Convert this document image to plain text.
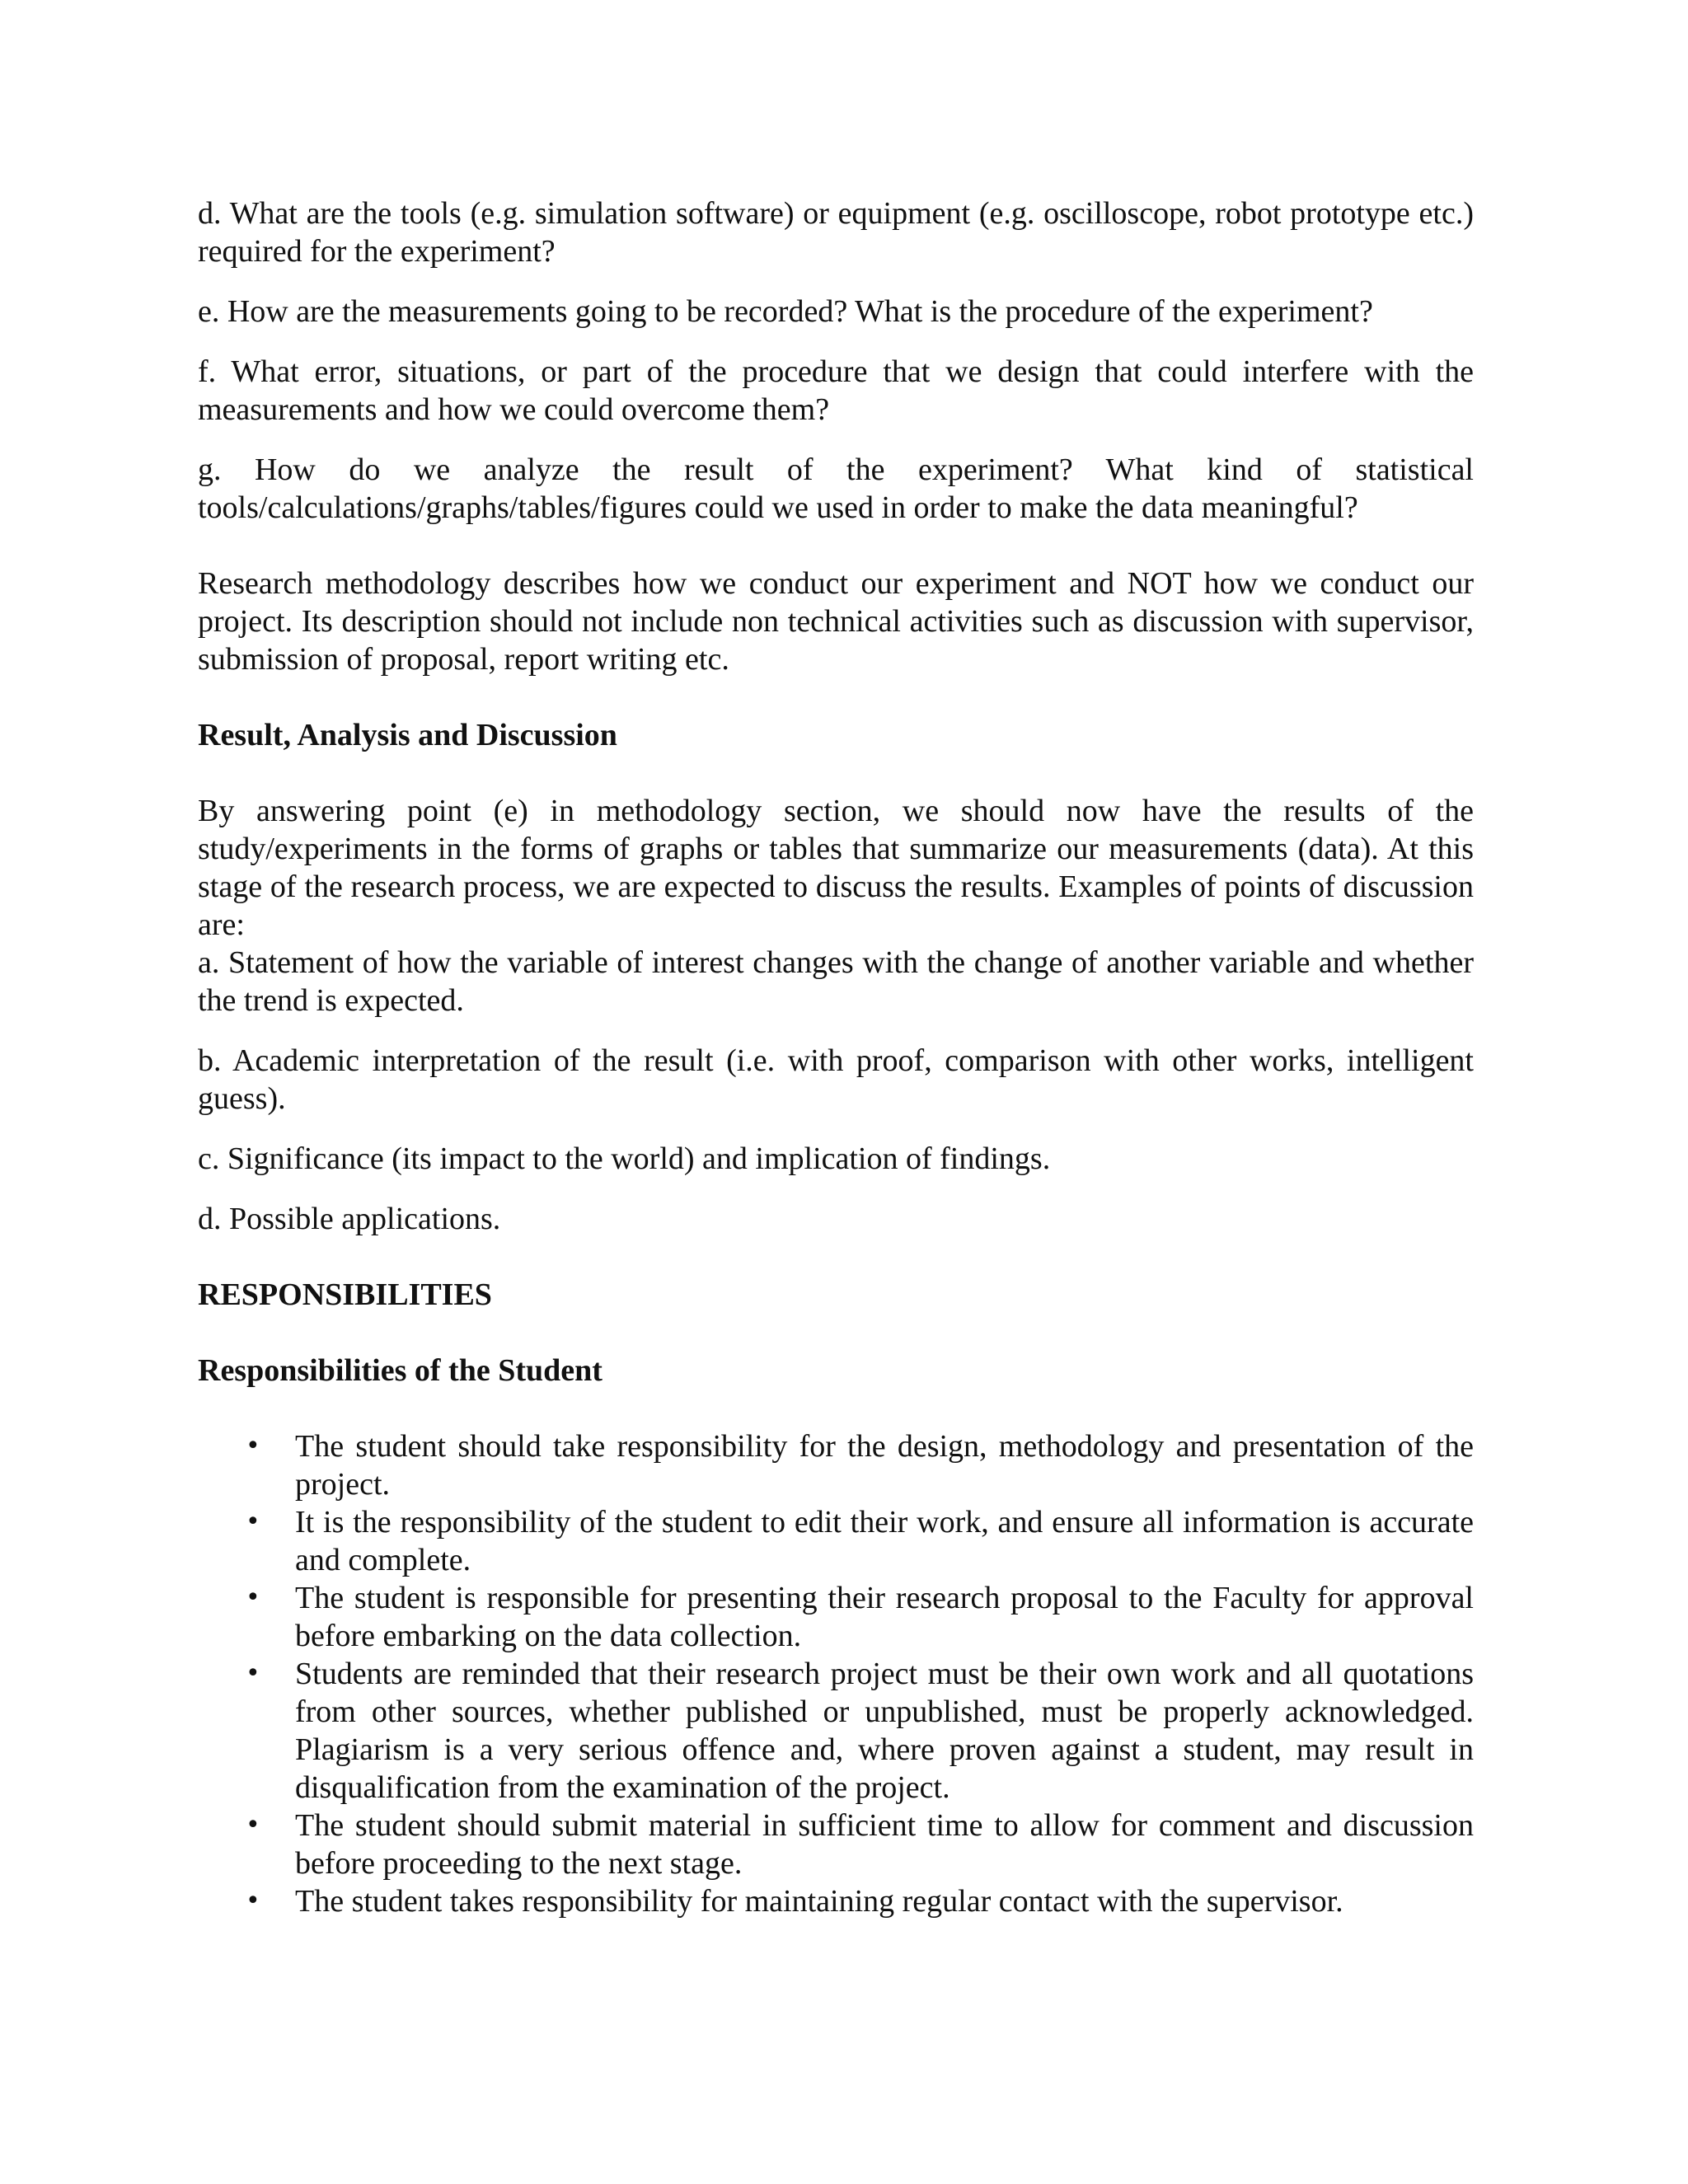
d. What are the tools (e.g. simulation software) or equipment (e.g. oscilloscope, robot prototype etc.) required for the experiment?

e. How are the measurements going to be recorded? What is the procedure of the experiment?

f. What error, situations, or part of the procedure that we design that could interfere with the measurements and how we could overcome them?

g. How do we analyze the result of the experiment? What kind of statistical tools/calculations/graphs/tables/figures could we used in order to make the data meaningful?

Research methodology describes how we conduct our experiment and NOT how we conduct our project. Its description should not include non technical activities such as discussion with supervisor, submission of proposal, report writing etc.

Result, Analysis and Discussion

By answering point (e) in methodology section, we should now have the results of the study/experiments in the forms of graphs or tables that summarize our measurements (data). At this stage of the research process, we are expected to discuss the results. Examples of points of discussion are:

a. Statement of how the variable of interest changes with the change of another variable and whether the trend is expected.

b. Academic interpretation of the result (i.e. with proof, comparison with other works, intelligent guess).

c. Significance (its impact to the world) and implication of findings.

d. Possible applications.

RESPONSIBILITIES

Responsibilities of the Student

• The student should take responsibility for the design, methodology and presentation of the project.
• It is the responsibility of the student to edit their work, and ensure all information is accurate and complete.
• The student is responsible for presenting their research proposal to the Faculty for approval before embarking on the data collection.
• Students are reminded that their research project must be their own work and all quotations from other sources, whether published or unpublished, must be properly acknowledged. Plagiarism is a very serious offence and, where proven against a student, may result in disqualification from the examination of the project.
• The student should submit material in sufficient time to allow for comment and discussion before proceeding to the next stage.
• The student takes responsibility for maintaining regular contact with the supervisor.
